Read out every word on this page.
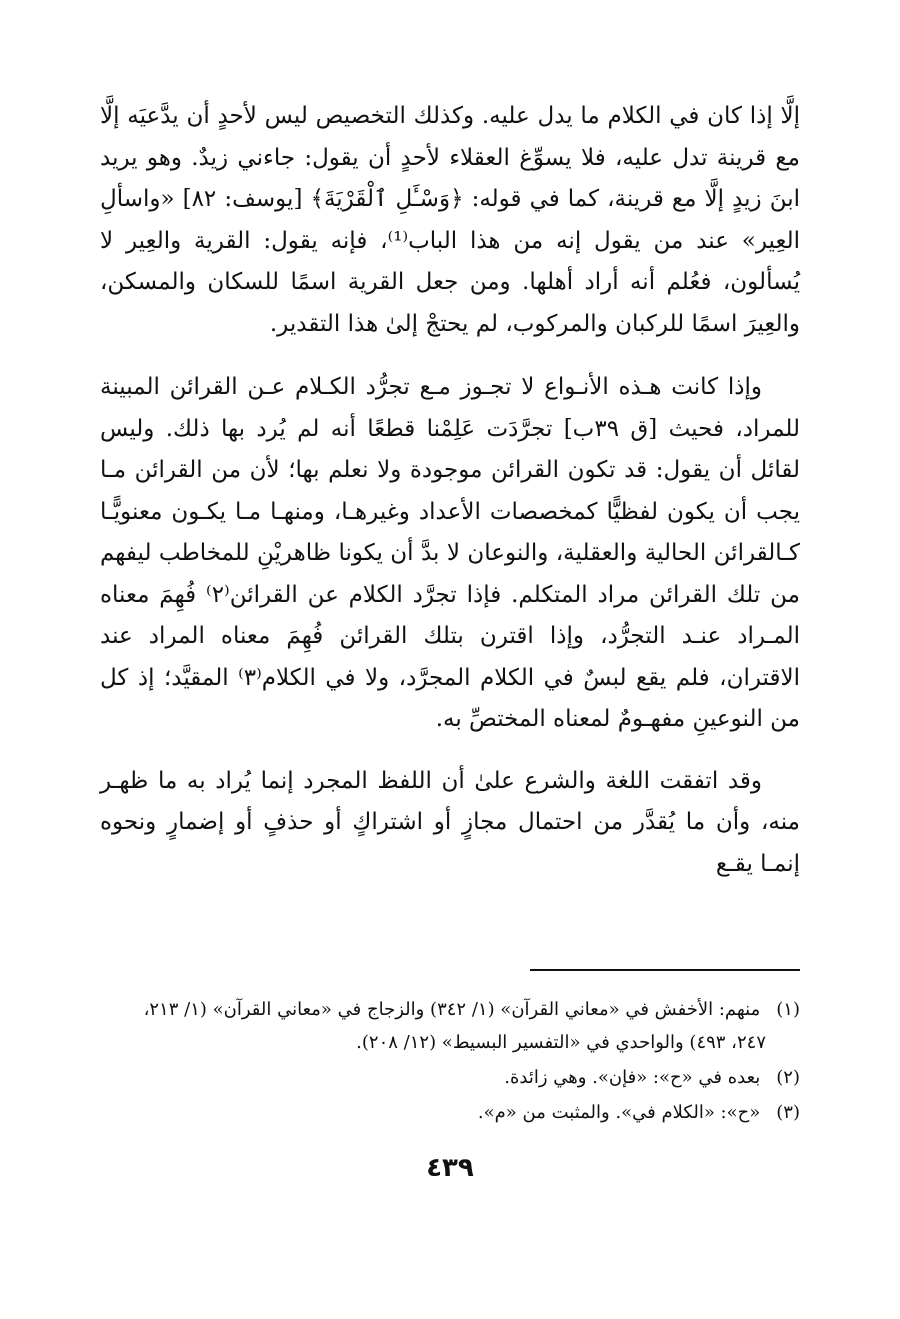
إلَّا إذا كان في الكلام ما يدل عليه. وكذلك التخصيص ليس لأحدٍ أن يدَّعيَه إلَّا مع قرينة تدل عليه، فلا يسوِّغ العقلاء لأحدٍ أن يقول: جاءني زيدٌ. وهو يريد ابنَ زيدٍ إلَّا مع قرينة، كما في قوله: ﴿وَسْـَٔلِ ٱلْقَرْيَةَ﴾ [يوسف: ٨٢] «واسألِ العِير» عند من يقول إنه من هذا الباب⁽¹⁾، فإنه يقول: القرية والعِير لا يُسألون، فعُلم أنه أراد أهلها. ومن جعل القرية اسمًا للسكان والمسكن، والعِيرَ اسمًا للركبان والمركوب، لم يحتجْ إلىٰ هذا التقدير.

وإذا كانت هـذه الأنـواع لا تجـوز مـع تجرُّد الكـلام عـن القرائن المبينة للمراد، فحيث [ق ٣٩ب] تجرَّدَت عَلِمْنا قطعًا أنه لم يُرد بها ذلك. وليس لقائل أن يقول: قد تكون القرائن موجودة ولا نعلم بها؛ لأن من القرائن مـا يجب أن يكون لفظيًّا كمخصصات الأعداد وغيرهـا، ومنهـا مـا يكـون معنويًّـا كـالقرائن الحالية والعقلية، والنوعان لا بدَّ أن يكونا ظاهريْنِ للمخاطب ليفهم من تلك القرائن مراد المتكلم. فإذا تجرَّد الكلام عن القرائن⁽٢⁾ فُهِمَ معناه المـراد عنـد التجرُّد، وإذا اقترن بتلك القرائن فُهِمَ معناه المراد عند الاقتران، فلم يقع لبسٌ في الكلام المجرَّد، ولا في الكلام⁽٣⁾ المقيَّد؛ إذ كل من النوعينِ مفهـومٌ لمعناه المختصِّ به.

وقد اتفقت اللغة والشرع علىٰ أن اللفظ المجرد إنما يُراد به ما ظهـر منه، وأن ما يُقدَّر من احتمال مجازٍ أو اشتراكٍ أو حذفٍ أو إضمارٍ ونحوه إنمـا يقـع

(١) منهم: الأخفش في «معاني القرآن» (١/ ٣٤٢) والزجاج في «معاني القرآن» (١/ ٢١٣،
٢٤٧، ٤٩٣) والواحدي في «التفسير البسيط» (١٢/ ٢٠٨).
(٢) بعده في «ح»: «فإن». وهي زائدة.
(٣) «ح»: «الكلام في». والمثبت من «م».
٤٣٩
